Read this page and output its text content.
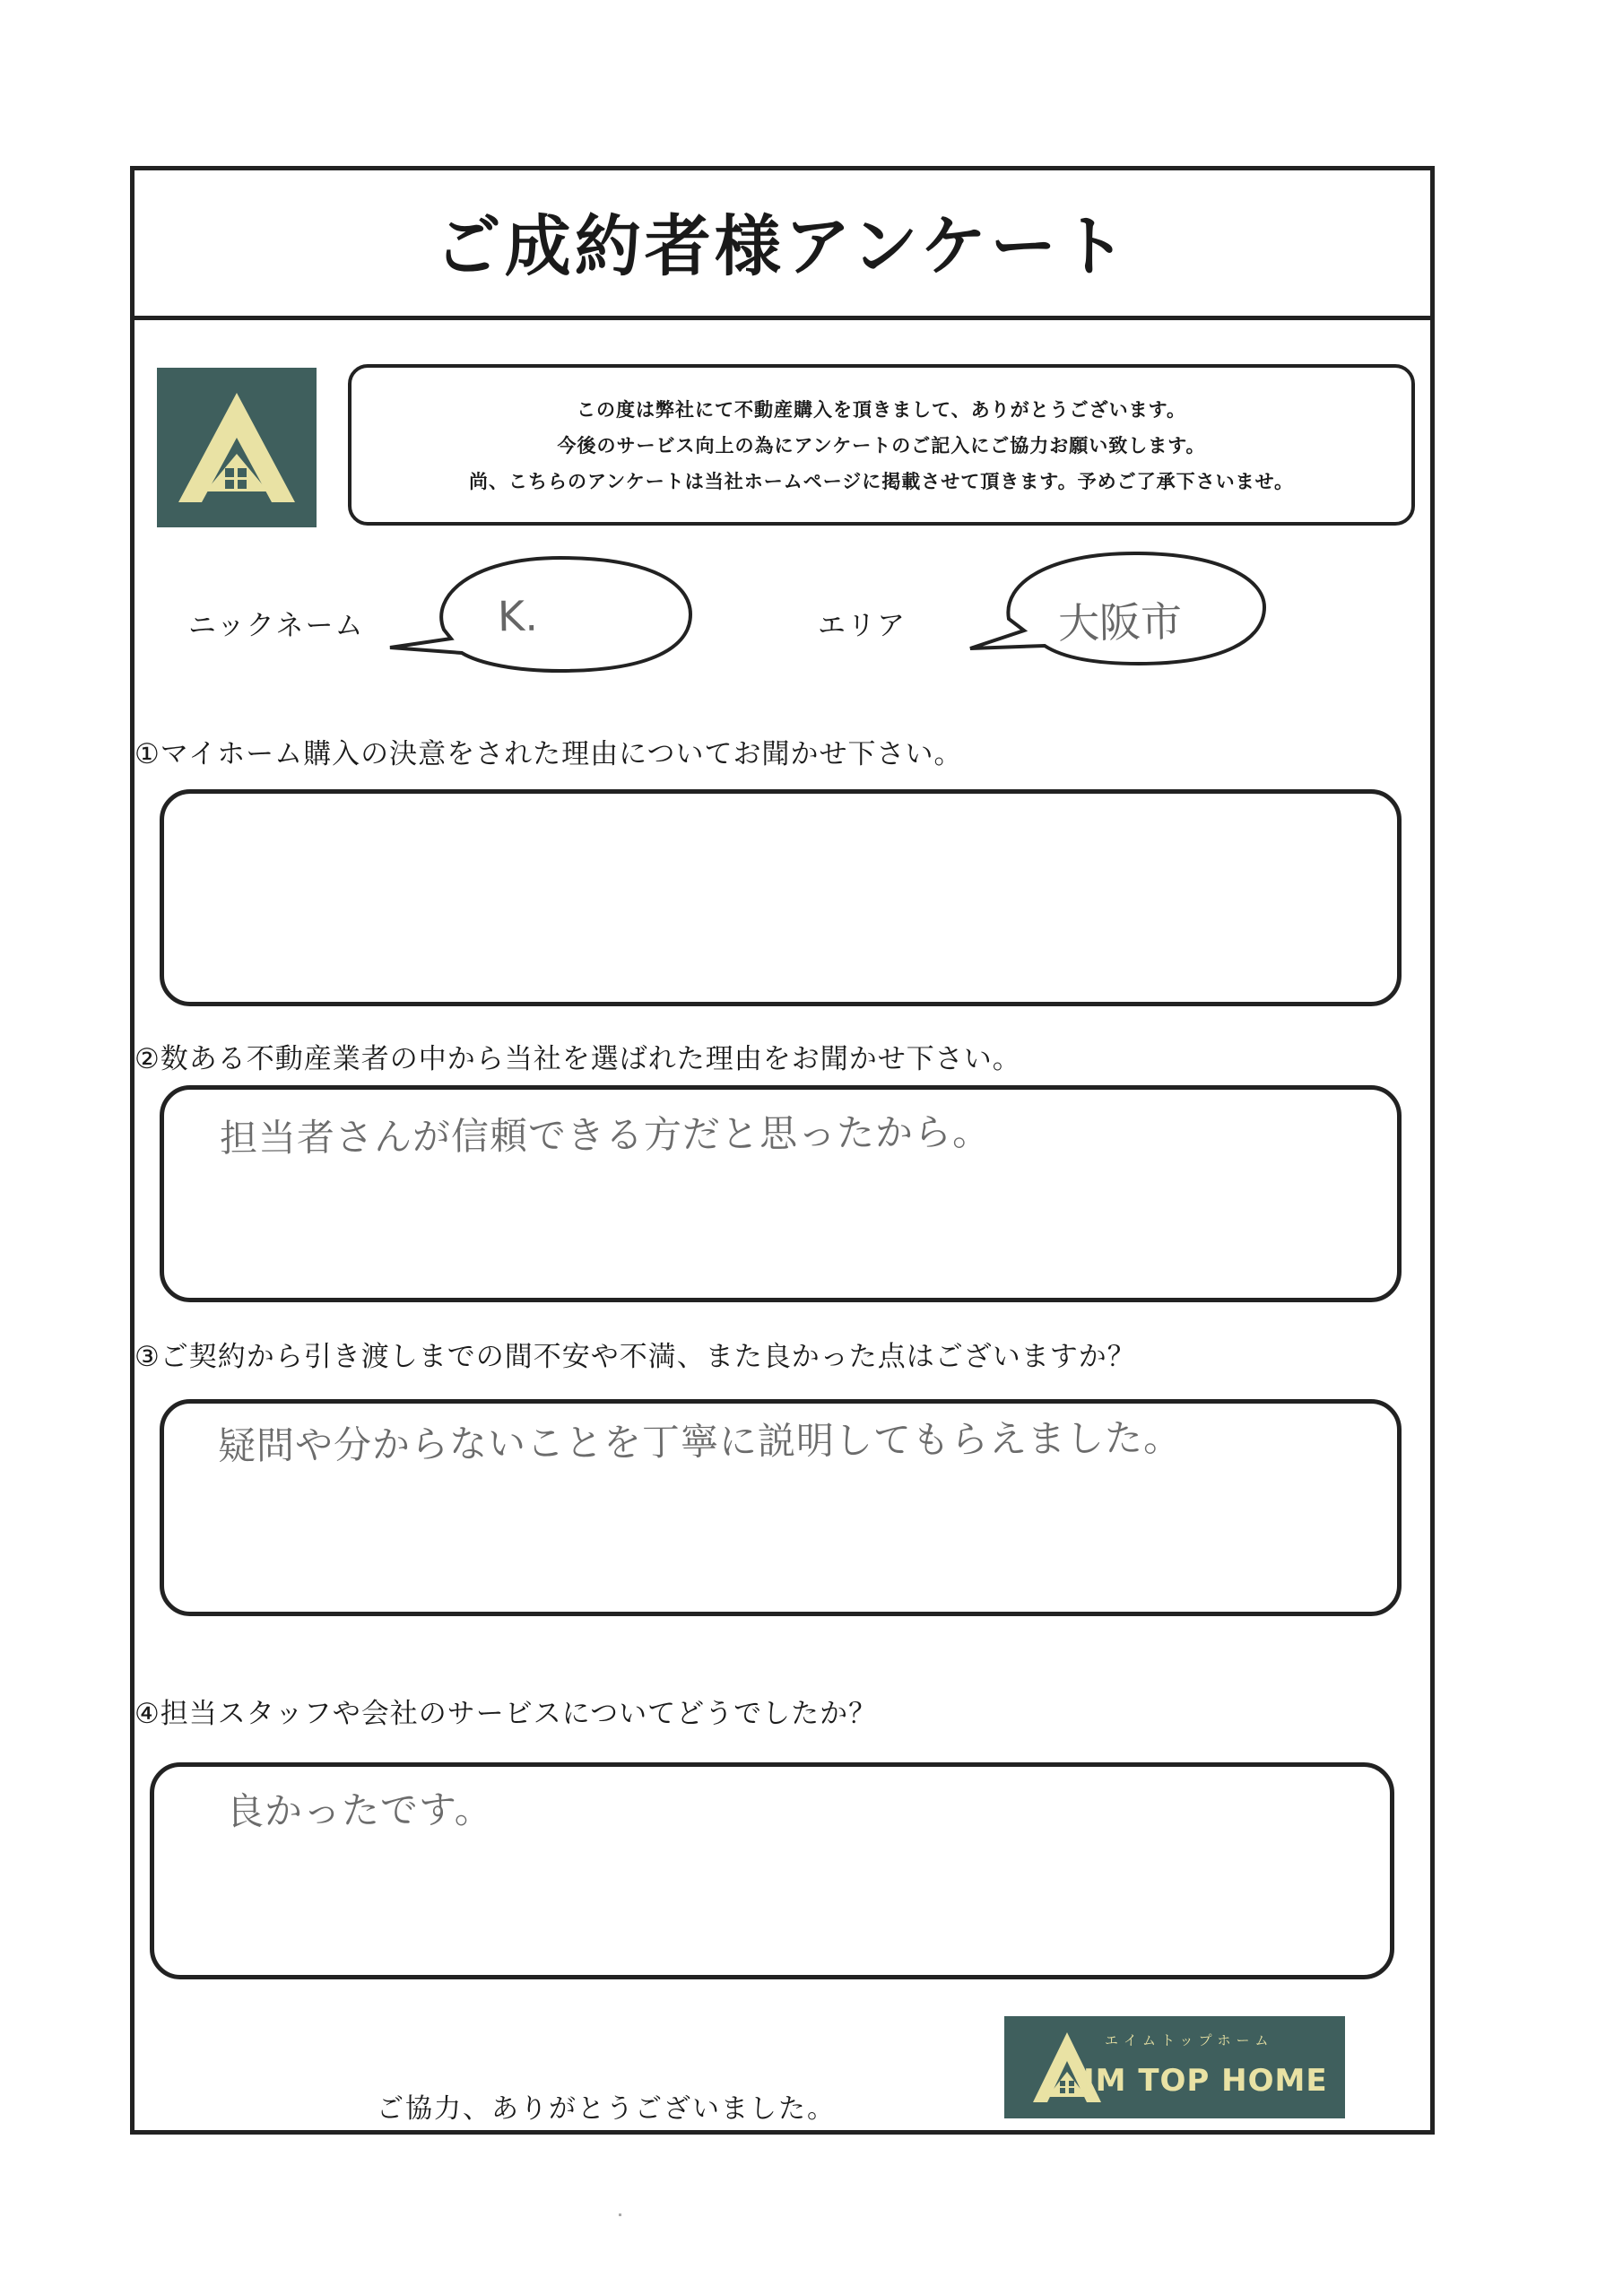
ご成約者様アンケート
この度は弊社にて不動産購入を頂きまして、ありがとうございます。
今後のサービス向上の為にアンケートのご記入にご協力お願い致します。
尚、こちらのアンケートは当社ホームページに掲載させて頂きます。予めご了承下さいませ。
ニックネーム	K.	エリア	大阪市
①マイホーム購入の決意をされた理由についてお聞かせ下さい。
②数ある不動産業者の中から当社を選ばれた理由をお聞かせ下さい。
担当者さんが信頼できる方だと思ったから。
③ご契約から引き渡しまでの間不安や不満、また良かった点はございますか？
疑問や分からないことを丁寧に説明してもらえました。
④担当スタッフや会社のサービスについてどうでしたか？
良かったです。
ご協力、ありがとうございました。
エイムトップホーム
IM TOP HOME
